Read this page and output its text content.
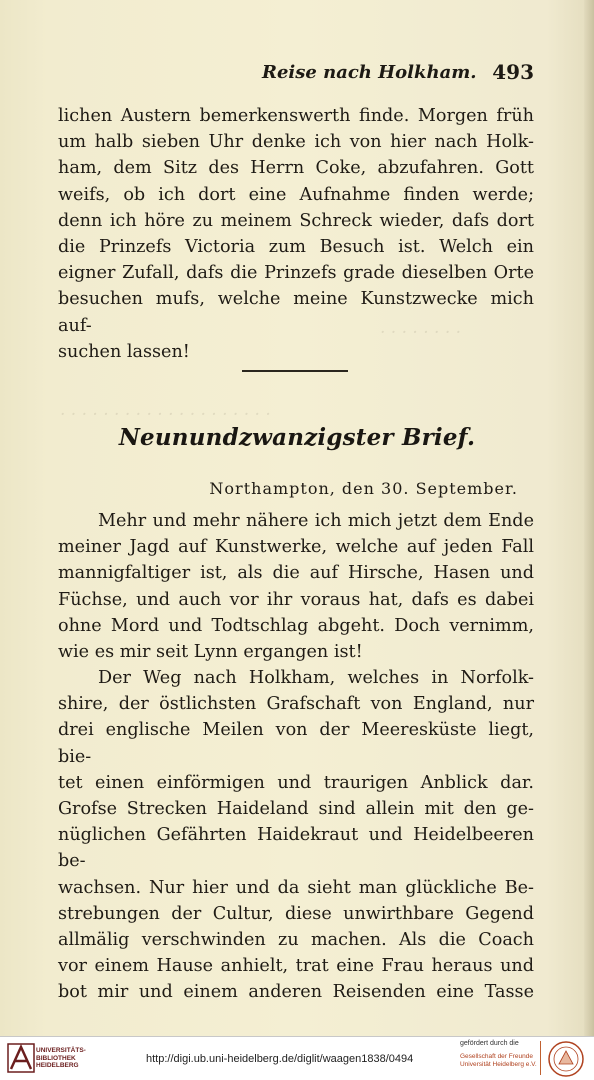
. . . . . . . .
. . . . . . . . . . . . . . . . . . . .
Reise nach Holkham. 493

lichen Austern bemerkenswerth finde. Morgen früh

um halb sieben Uhr denke ich von hier nach Holk-

ham, dem Sitz des Herrn Coke, abzufahren. Gott

weifs, ob ich dort eine Aufnahme finden werde;

denn ich höre zu meinem Schreck wieder, dafs dort

die Prinzefs Victoria zum Besuch ist. Welch ein

eigner Zufall, dafs die Prinzefs grade dieselben Orte

besuchen mufs, welche meine Kunstzwecke mich auf-

suchen lassen!

Neunundzwanzigster Brief.
Northampton, den 30. September.

Mehr und mehr nähere ich mich jetzt dem Ende

meiner Jagd auf Kunstwerke, welche auf jeden Fall

mannigfaltiger ist, als die auf Hirsche, Hasen und

Füchse, und auch vor ihr voraus hat, dafs es dabei

ohne Mord und Todtschlag abgeht. Doch vernimm,

wie es mir seit Lynn ergangen ist!

Der Weg nach Holkham, welches in Norfolk-

shire, der östlichsten Grafschaft von England, nur

drei englische Meilen von der Meeresküste liegt, bie-

tet einen einförmigen und traurigen Anblick dar.

Grofse Strecken Haideland sind allein mit den ge-

nüglichen Gefährten Haidekraut und Heidelbeeren be-

wachsen. Nur hier und da sieht man glückliche Be-

strebungen der Cultur, diese unwirthbare Gegend

allmälig verschwinden zu machen. Als die Coach

vor einem Hause anhielt, trat eine Frau heraus und

bot mir und einem anderen Reisenden eine Tasse

UNIVERSITÄTS-
BIBLIOTHEK
HEIDELBERG
http://digi.ub.uni-heidelberg.de/diglit/waagen1838/0494
gefördert durch die
Gesellschaft der Freunde
Universität Heidelberg e.V.
